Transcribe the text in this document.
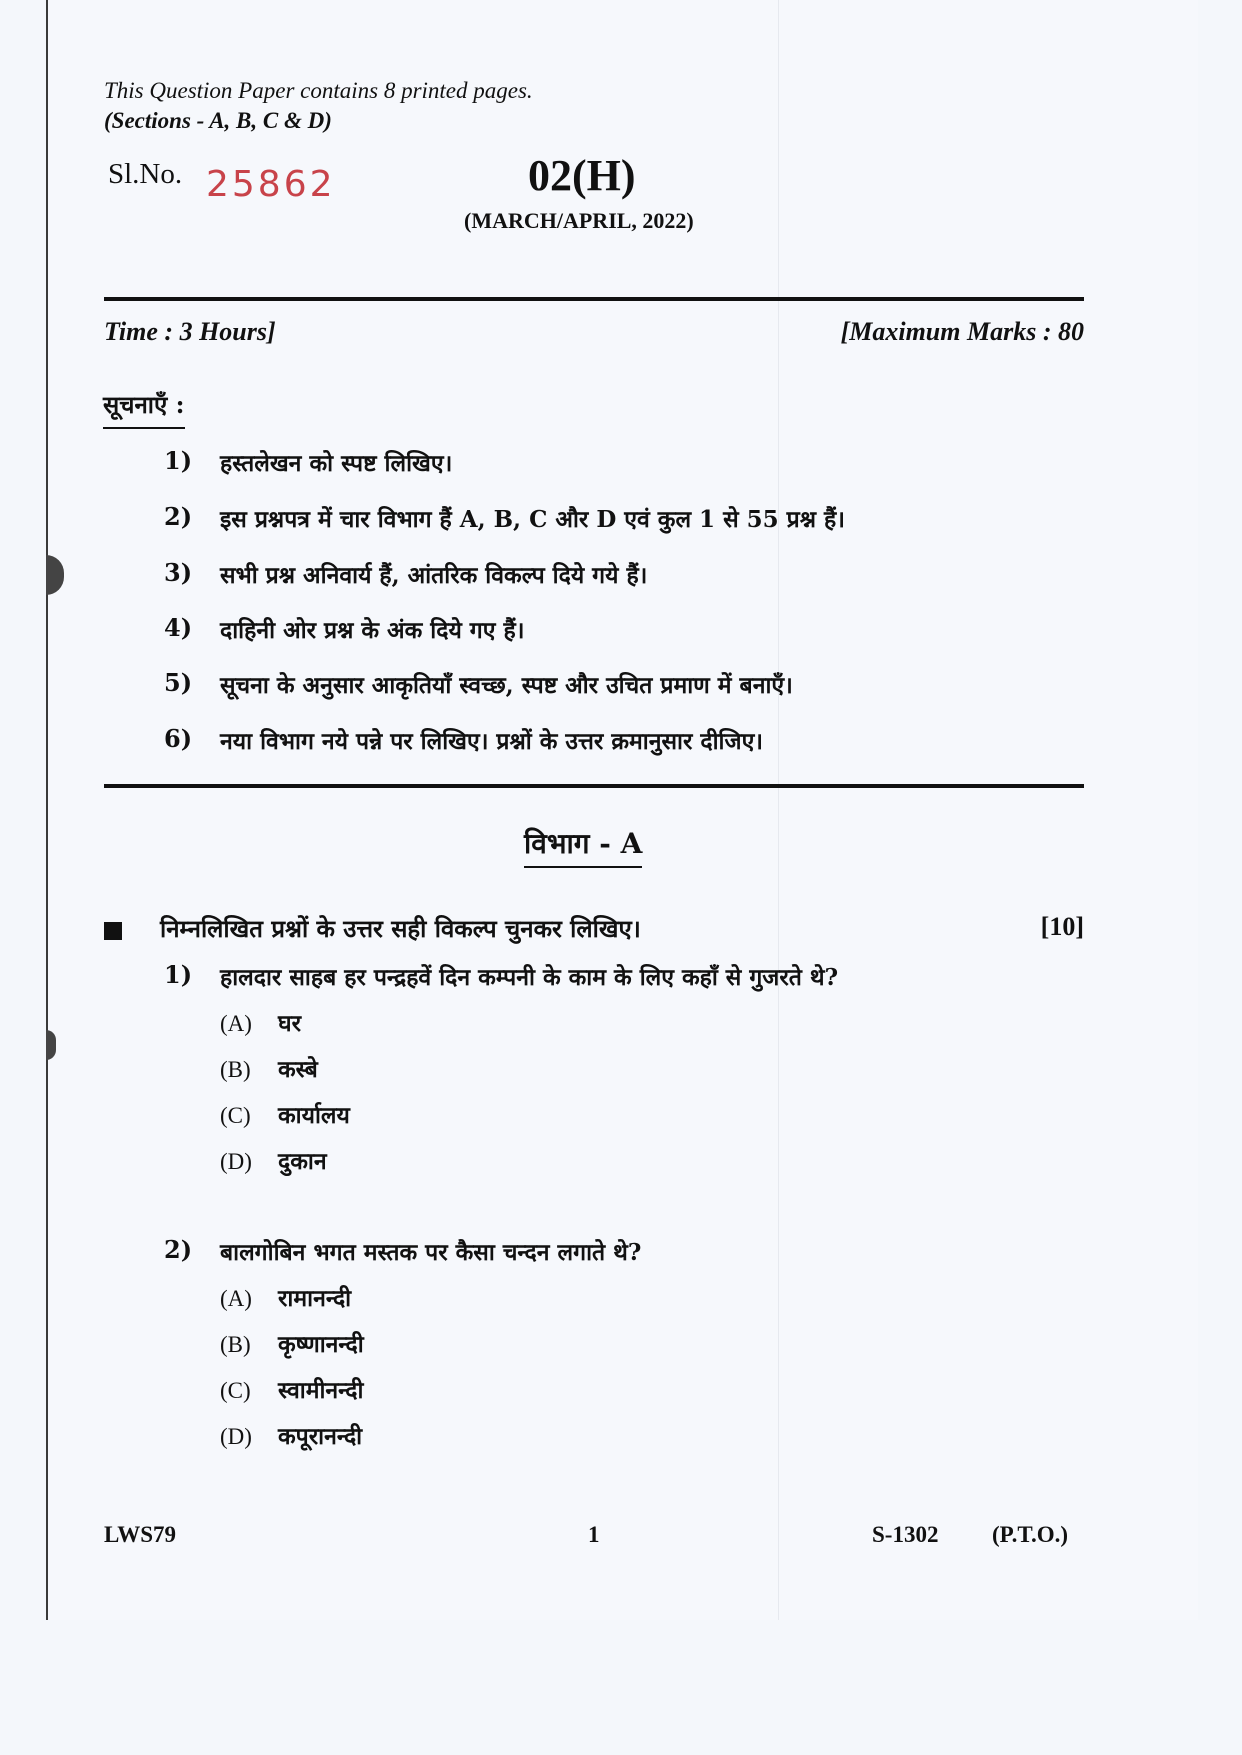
This Question Paper contains 8 printed pages.
(Sections - A, B, C & D)
Sl.No. 25862	02(H)
(MARCH/APRIL, 2022)
Time : 3 Hours]	[Maximum Marks : 80
सूचनाएँ :
1) हस्तलेखन को स्पष्ट लिखिए।
2) इस प्रश्नपत्र में चार विभाग हैं A, B, C और D एवं कुल 1 से 55 प्रश्न हैं।
3) सभी प्रश्न अनिवार्य हैं, आंतरिक विकल्प दिये गये हैं।
4) दाहिनी ओर प्रश्न के अंक दिये गए हैं।
5) सूचना के अनुसार आकृतियाँ स्वच्छ, स्पष्ट और उचित प्रमाण में बनाएँ।
6) नया विभाग नये पन्ने पर लिखिए। प्रश्नों के उत्तर क्रमानुसार दीजिए।
विभाग - A
निम्नलिखित प्रश्नों के उत्तर सही विकल्प चुनकर लिखिए।	[10]
1) हालदार साहब हर पन्द्रहवें दिन कम्पनी के काम के लिए कहाँ से गुजरते थे?
(A) घर
(B) कस्बे
(C) कार्यालय
(D) दुकान
2) बालगोबिन भगत मस्तक पर कैसा चन्दन लगाते थे?
(A) रामानन्दी
(B) कृष्णानन्दी
(C) स्वामीनन्दी
(D) कपूरानन्दी
LWS79	1	S-1302 (P.T.O.)
